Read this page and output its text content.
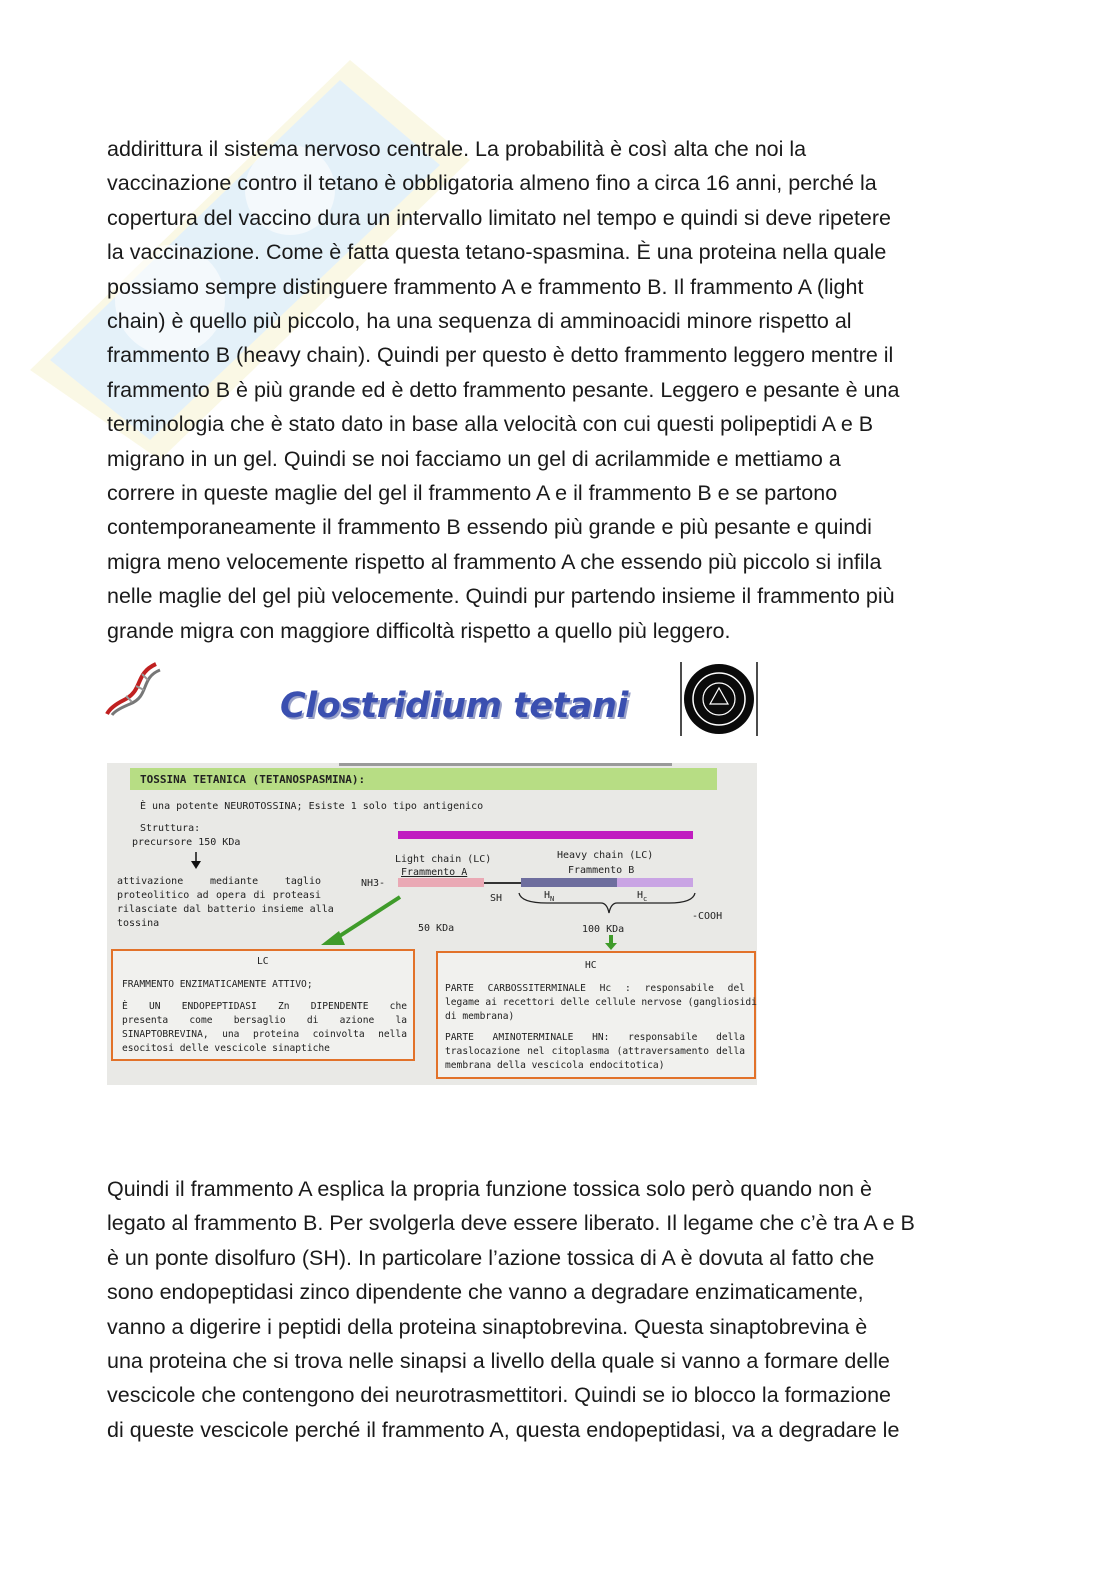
addirittura il sistema nervoso centrale. La probabilità è così alta che noi la
vaccinazione contro il tetano è obbligatoria almeno fino a circa 16 anni, perché la
copertura del vaccino dura un intervallo limitato nel tempo e quindi si deve ripetere
la vaccinazione. Come è fatta questa tetano-spasmina. È una proteina nella quale
possiamo sempre distinguere frammento A e frammento B. Il frammento A (light
chain) è quello più piccolo, ha una sequenza di amminoacidi minore rispetto al
frammento B (heavy chain). Quindi per questo è detto frammento leggero mentre il
frammento B è più grande ed è detto frammento pesante. Leggero e pesante è una
terminologia che è stato dato in base alla velocità con cui questi polipeptidi A e B
migrano in un gel. Quindi se noi facciamo un gel di acrilammide e mettiamo a
correre in queste maglie del gel il frammento A e il frammento B e se partono
contemporaneamente il frammento B essendo più grande e più pesante e quindi
migra meno velocemente rispetto al frammento A che essendo più piccolo si infila
nelle maglie del gel più velocemente. Quindi pur partendo insieme il frammento più
grande migra con maggiore difficoltà rispetto a quello più leggero.
Clostridium tetani
TOSSINA TETANICA (TETANOSPASMINA):
È una potente NEUROTOSSINA; Esiste 1 solo tipo antigenico
Struttura:
precursore 150 KDa
attivazione mediante taglio
proteolitico ad opera di proteasi
rilasciate dal batterio insieme alla
tossina
Light chain (LC)
Frammento A
Heavy chain (LC)
Frammento B
NH3-
SH	$H_N$	$H_c$
-COOH
50 KDa	100 KDa
LC
FRAMMENTO ENZIMATICAMENTE ATTIVO;
È UN ENDOPEPTIDASI Zn DIPENDENTE che
presenta come bersaglio di azione la
SINAPTOBREVINA, una proteina coinvolta nella
esocitosi delle vescicole sinaptiche
HC
PARTE CARBOSSITERMINALE Hc : responsabile del
legame ai recettori delle cellule nervose (gangliosidi
di membrana)
PARTE AMINOTERMINALE HN: responsabile della
traslocazione nel citoplasma (attraversamento della
membrana della vescicola endocitotica)
Quindi il frammento A esplica la propria funzione tossica solo però quando non è
legato al frammento B. Per svolgerla deve essere liberato. Il legame che c’è tra A e B
è un ponte disolfuro (SH). In particolare l’azione tossica di A è dovuta al fatto che
sono endopeptidasi zinco dipendente che vanno a degradare enzimaticamente,
vanno a digerire i peptidi della proteina sinaptobrevina. Questa sinaptobrevina è
una proteina che si trova nelle sinapsi a livello della quale si vanno a formare delle
vescicole che contengono dei neurotrasmettitori. Quindi se io blocco la formazione
di queste vescicole perché il frammento A, questa endopeptidasi, va a degradare le
